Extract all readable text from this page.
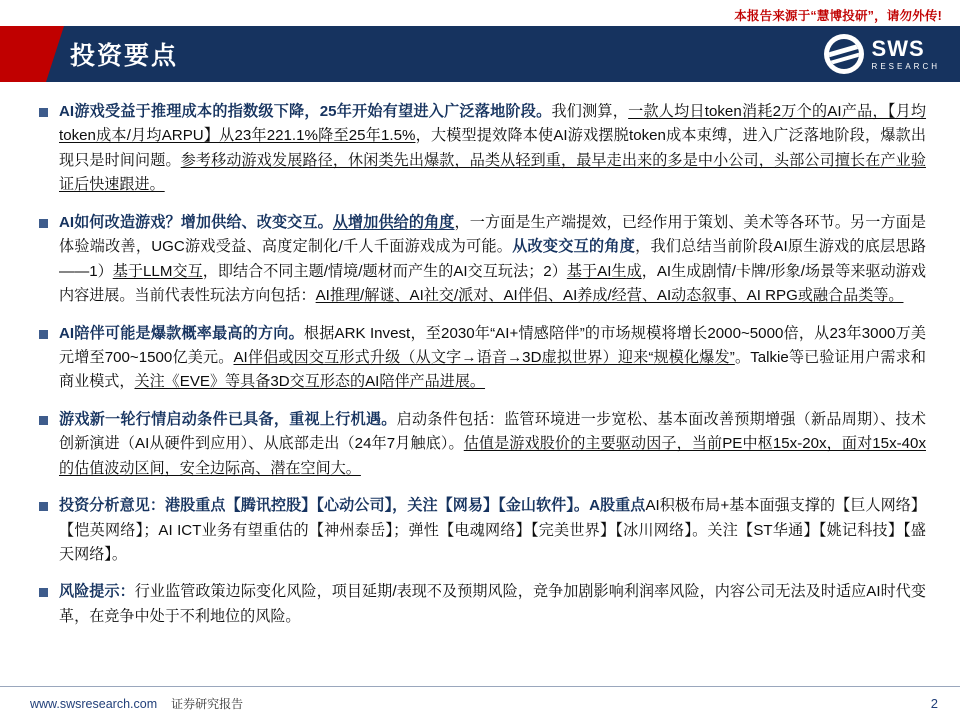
本报告来源于“慧博投研”，请勿外传!
投资要点	SWS
RESEARCH
AI游戏受益于推理成本的指数级下降，25年开始有望进入广泛落地阶段。我们测算，一款人均日token消耗2万个的AI产品，【月均token成本/月均ARPU】从23年221.1%降至25年1.5%，大模型提效降本使AI游戏摆脱token成本束缚，进入广泛落地阶段，爆款出现只是时间问题。参考移动游戏发展路径，休闲类先出爆款，品类从轻到重，最早走出来的多是中小公司，头部公司擅长在产业验证后快速跟进。
AI如何改造游戏？增加供给、改变交互。从增加供给的角度，一方面是生产端提效，已经作用于策划、美术等各环节。另一方面是体验端改善，UGC游戏受益、高度定制化/千人千面游戏成为可能。从改变交互的角度，我们总结当前阶段AI原生游戏的底层思路——1）基于LLM交互，即结合不同主题/情境/题材而产生的AI交互玩法；2）基于AI生成，AI生成剧情/卡牌/形象/场景等来驱动游戏内容进展。当前代表性玩法方向包括：AI推理/解谜、AI社交/派对、AI伴侣、AI养成/经营、AI动态叙事、AI RPG或融合品类等。
AI陪伴可能是爆款概率最高的方向。根据ARK Invest，至2030年“AI+情感陪伴”的市场规模将增长2000~5000倍，从23年3000万美元增至700~1500亿美元。AI伴侣或因交互形式升级（从文字→语音→3D虚拟世界）迎来“规模化爆发”。Talkie等已验证用户需求和商业模式，关注《EVE》等具备3D交互形态的AI陪伴产品进展。
游戏新一轮行情启动条件已具备，重视上行机遇。启动条件包括：监管环境进一步宽松、基本面改善预期增强（新品周期）、技术创新演进（AI从硬件到应用）、从底部走出（24年7月触底）。估值是游戏股价的主要驱动因子，当前PE中枢15x-20x，面对15x-40x的估值波动区间，安全边际高、潜在空间大。
投资分析意见：港股重点【腾讯控股】【心动公司】，关注【网易】【金山软件】。A股重点AI积极布局+基本面强支撑的【巨人网络】【恺英网络】；AI ICT业务有望重估的【神州泰岳】；弹性【电魂网络】【完美世界】【冰川网络】。关注【ST华通】【姚记科技】【盛天网络】。
风险提示：行业监管政策边际变化风险，项目延期/表现不及预期风险，竞争加剧影响利润率风险，内容公司无法及时适应AI时代变革，在竞争中处于不利地位的风险。
www.swsresearch.com 证券研究报告	2
